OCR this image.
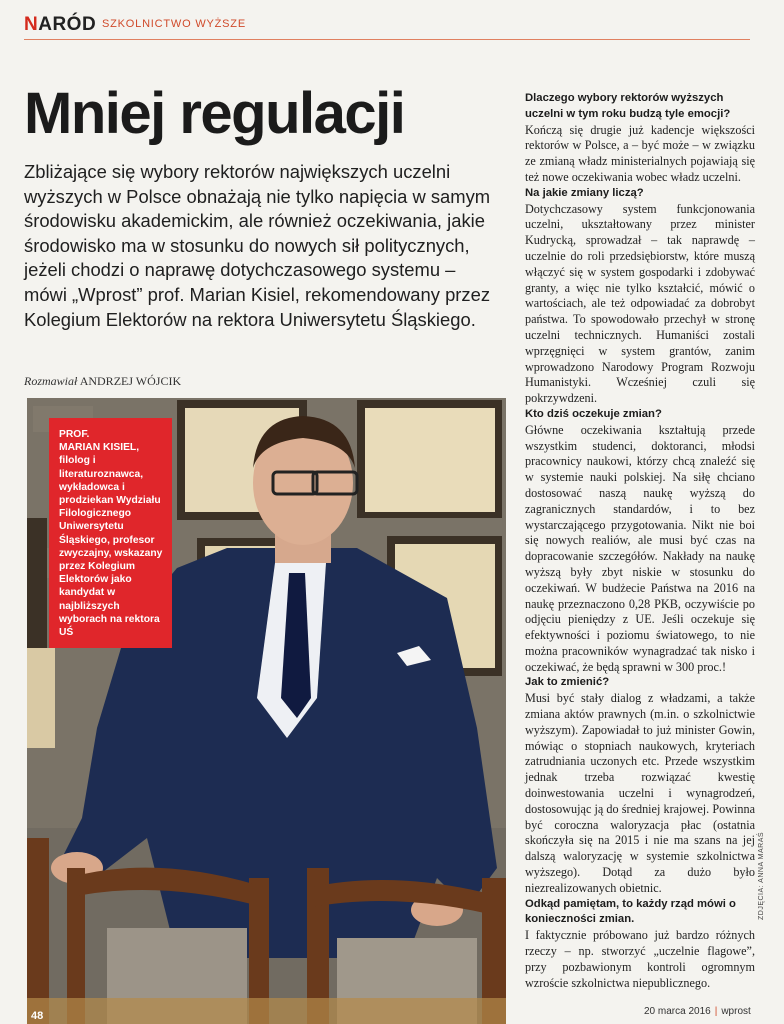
NARÓD SZKOLNICTWO WYŻSZE
Mniej regulacji

Zbliżające się wybory rektorów największych uczelni wyższych w Polsce obnażają nie tylko napięcia w samym środowisku akademickim, ale również oczekiwania, jakie środowisko ma w stosunku do nowych sił politycznych, jeżeli chodzi o naprawę dotychczasowego systemu – mówi „Wprost” prof. Marian Kisiel, rekomendowany przez Kolegium Elektorów na rektora Uniwersytetu Śląskiego.

Rozmawiał ANDRZEJ WÓJCIK
PROF.
MARIAN KISIEL,
filolog i literaturoznawca, wykładowca i prodziekan Wydziału Filologicznego Uniwersytetu Śląskiego, profesor zwyczajny, wskazany przez Kolegium Elektorów jako kandydat w najbliższych wyborach na rektora UŚ

Dlaczego wybory rektorów wyższych uczelni w tym roku budzą tyle emocji?

Kończą się drugie już kadencje większości rektorów w Polsce, a – być może – w związku ze zmianą władz ministerialnych pojawiają się też nowe oczekiwania wobec władz uczelni.

Na jakie zmiany liczą?

Dotychczasowy system funkcjonowania uczelni, ukształtowany przez minister Kudrycką, sprowadzał – tak naprawdę – uczelnie do roli przedsiębiorstw, które muszą włączyć się w system gospodarki i zdobywać granty, a więc nie tylko kształcić, mówić o wartościach, ale też odpowiadać za dobrobyt państwa. To spowodowało przechył w stronę uczelni technicznych. Humaniści zostali wprzęgnięci w system grantów, zanim wprowadzono Narodowy Program Rozwoju Humanistyki. Wcześniej czuli się pokrzywdzeni.

Kto dziś oczekuje zmian?

Główne oczekiwania kształtują przede wszystkim studenci, doktoranci, młodsi pracownicy naukowi, którzy chcą znaleźć się w systemie nauki polskiej. Na siłę chciano dostosować naszą naukę wyższą do zagranicznych standardów, i to bez wystarczającego przygotowania. Nikt nie boi się nowych realiów, ale musi być czas na dopracowanie szczegółów. Nakłady na naukę wyższą były zbyt niskie w stosunku do oczekiwań. W budżecie Państwa na 2016 na naukę przeznaczono 0,28 PKB, oczywiście po odjęciu pieniędzy z UE. Jeśli oczekuje się efektywności i poziomu światowego, to nie można pracowników wynagradzać tak nisko i oczekiwać, że będą sprawni w 300 proc.!

Jak to zmienić?

Musi być stały dialog z władzami, a także zmiana aktów prawnych (m.in. o szkolnictwie wyższym). Zapowiadał to już minister Gowin, mówiąc o stopniach naukowych, kryteriach zatrudniania uczonych etc. Przede wszystkim jednak trzeba rozwiązać kwestię doinwestowania uczelni i wynagrodzeń, dostosowując ją do średniej krajowej. Powinna być coroczna waloryzacja płac (ostatnia skończyła się na 2015 i nie ma szans na jej dalszą waloryzację w systemie szkolnictwa wyższego). Dotąd za dużo było niezrealizowanych obietnic.

Odkąd pamiętam, to każdy rząd mówi o konieczności zmian.

I faktycznie próbowano już bardzo różnych rzeczy – np. stworzyć „uczelnie flagowe”, przy pozbawionym kontroli ogromnym wzroście szkolnictwa niepublicznego.

ZDJĘCIA: ANNA MARAŚ
20 marca 2016 | wprost
48
